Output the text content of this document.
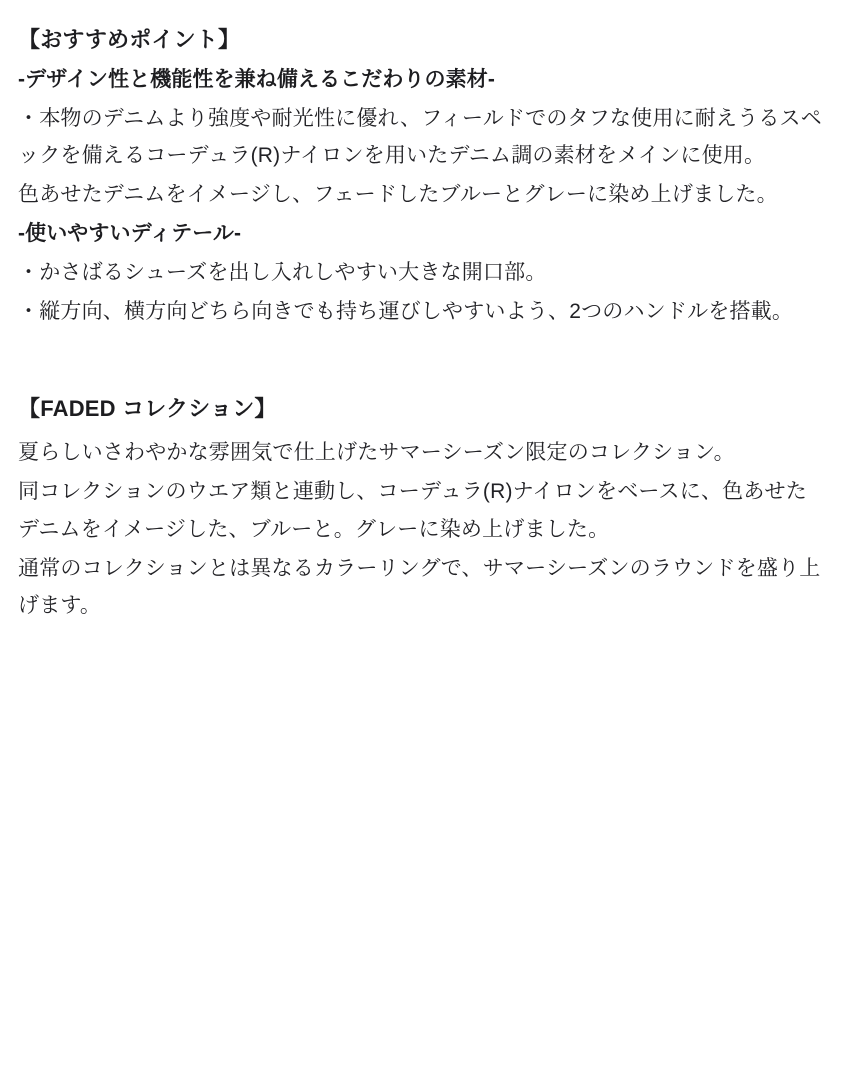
【おすすめポイント】

-デザイン性と機能性を兼ね備えるこだわりの素材-

・本物のデニムより強度や耐光性に優れ、フィールドでのタフな使用に耐えうるスペックを備えるコーデュラ(R)ナイロンを用いたデニム調の素材をメインに使用。

色あせたデニムをイメージし、フェードしたブルーとグレーに染め上げました。

-使いやすいディテール-

・かさばるシューズを出し入れしやすい大きな開口部。

・縦方向、横方向どちら向きでも持ち運びしやすいよう、2つのハンドルを搭載。

【FADED コレクション】

夏らしいさわやかな雰囲気で仕上げたサマーシーズン限定のコレクション。

同コレクションのウエア類と連動し、コーデュラ(R)ナイロンをベースに、色あせたデニムをイメージした、ブルーと。グレーに染め上げました。

通常のコレクションとは異なるカラーリングで、サマーシーズンのラウンドを盛り上げます。
